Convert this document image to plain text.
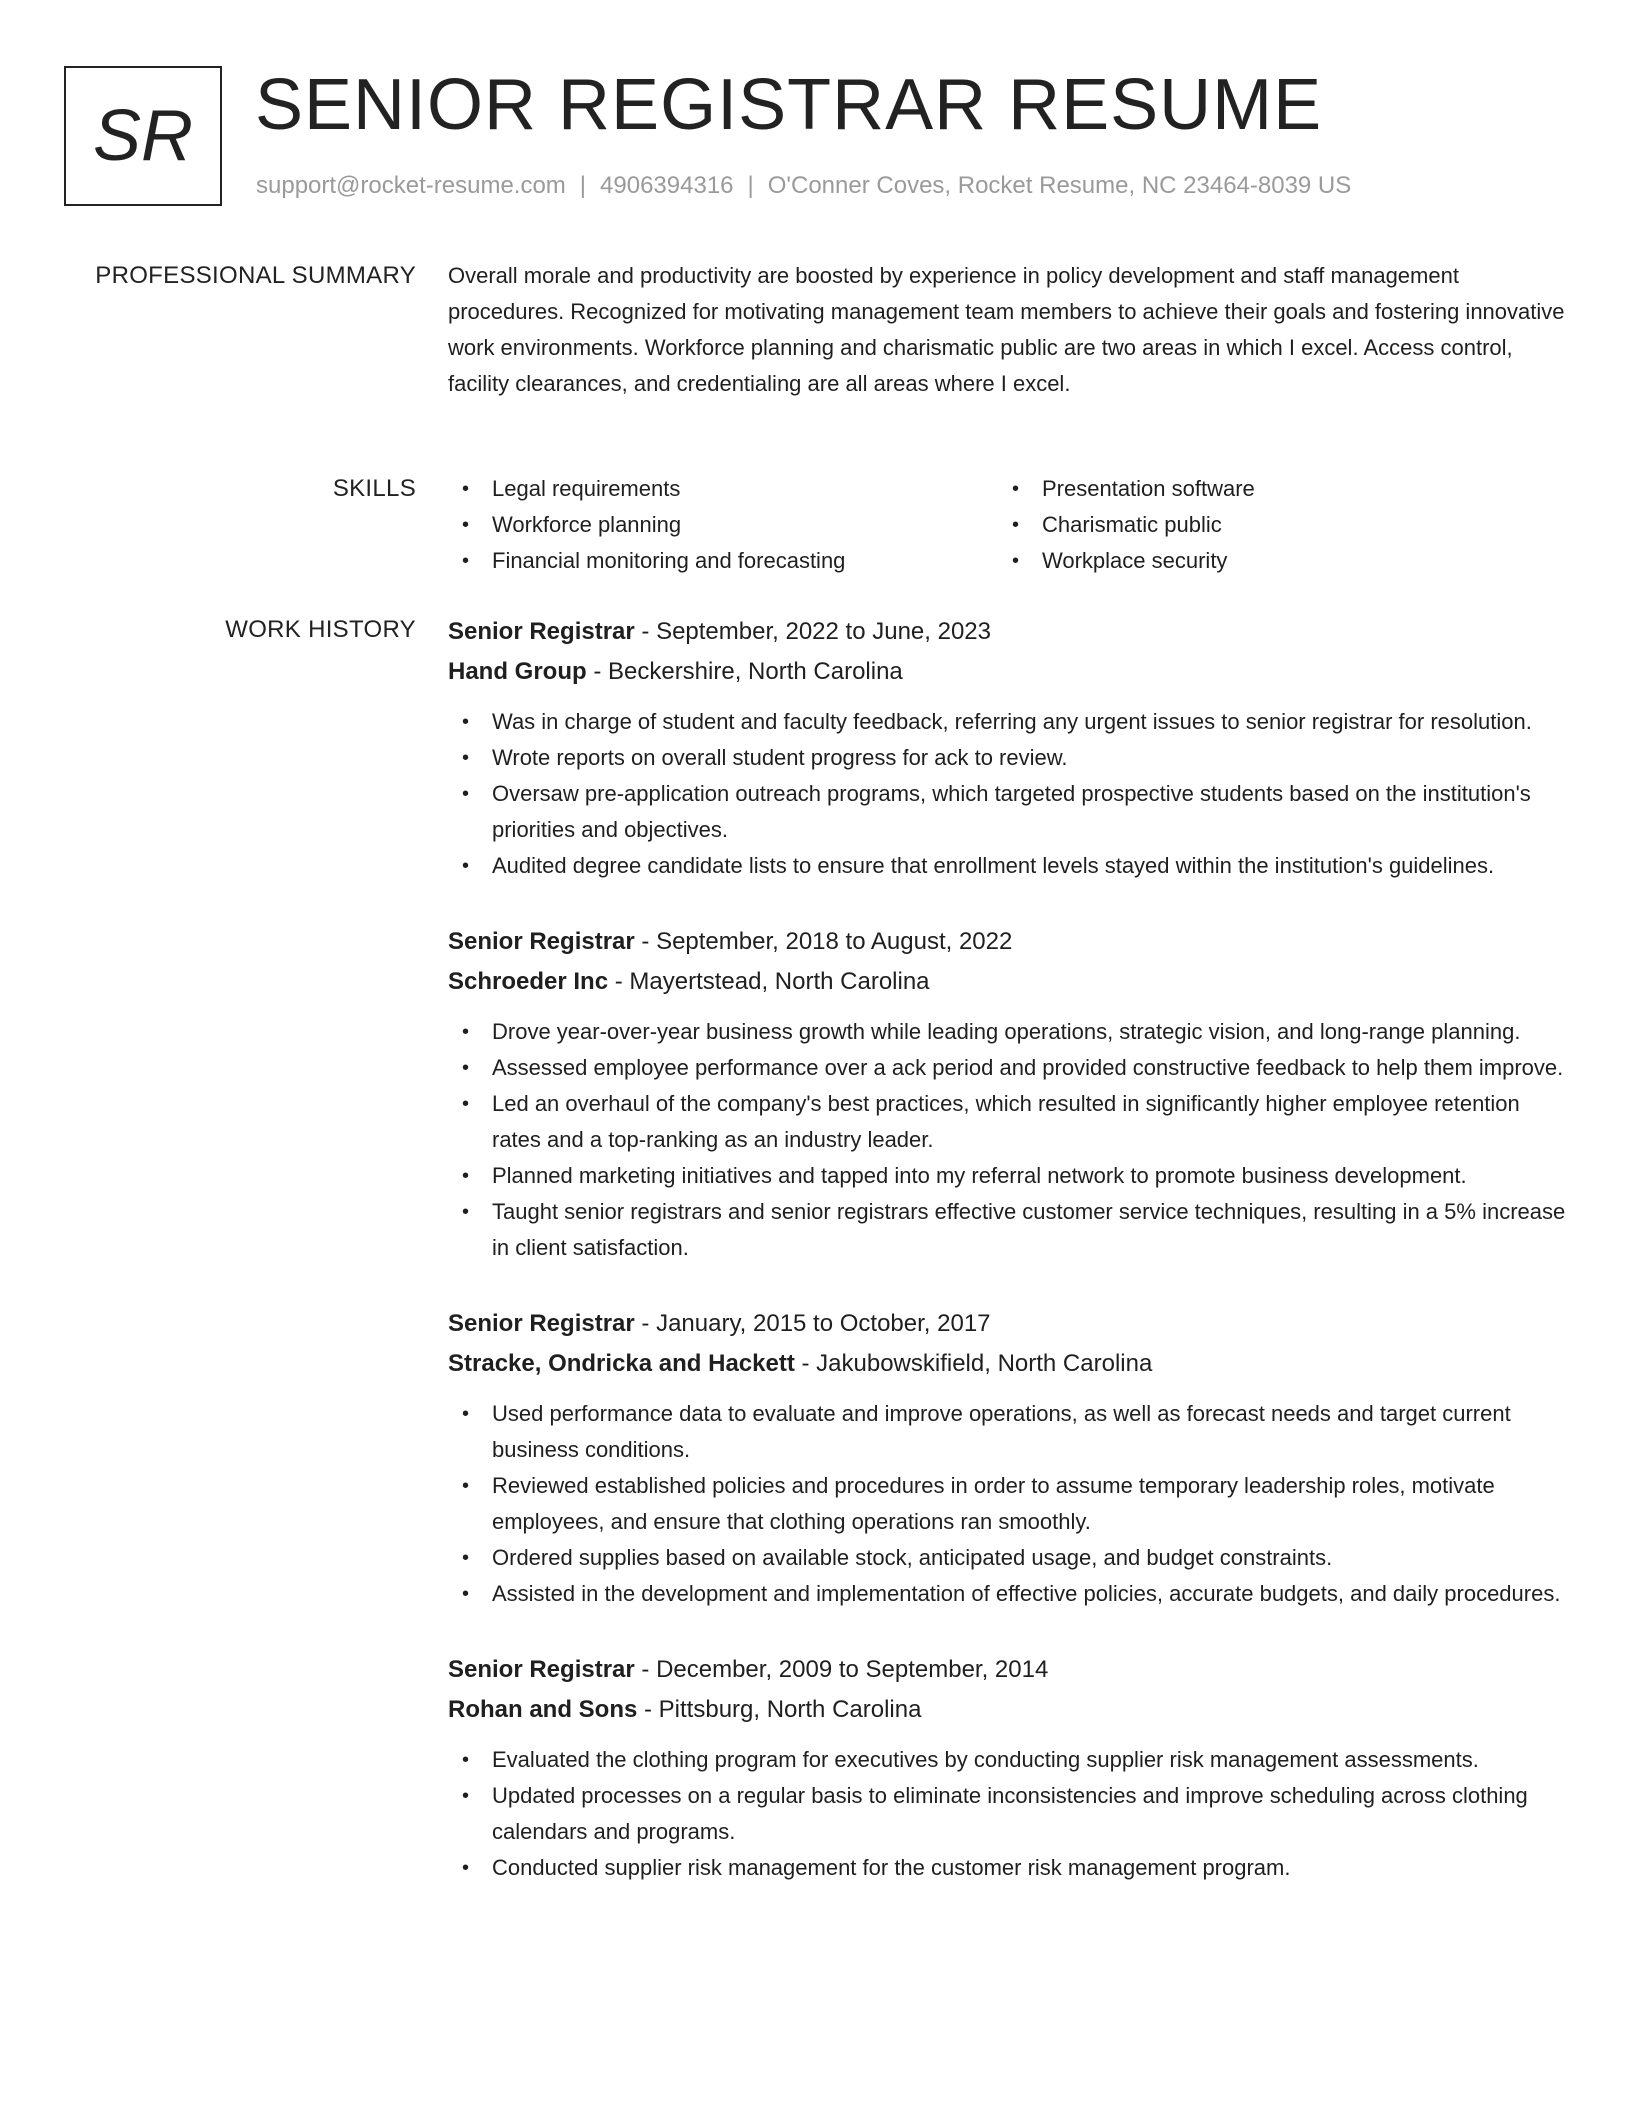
SR SENIOR REGISTRAR RESUME
support@rocket-resume.com | 4906394316 | O'Conner Coves, Rocket Resume, NC 23464-8039 US
PROFESSIONAL SUMMARY Overall morale and productivity are boosted by experience in policy development and staff management procedures. Recognized for motivating management team members to achieve their goals and fostering innovative work environments. Workforce planning and charismatic public are two areas in which I excel. Access control, facility clearances, and credentialing are all areas where I excel.

SKILLS	• Legal requirements	• Presentation software
• Workforce planning	• Charismatic public
• Financial monitoring and forecasting	• Workplace security
WORK HISTORY Senior Registrar - September, 2022 to June, 2023
Hand Group - Beckershire, North Carolina
• Was in charge of student and faculty feedback, referring any urgent issues to senior registrar for resolution.
• Wrote reports on overall student progress for ack to review.
• Oversaw pre-application outreach programs, which targeted prospective students based on the institution's priorities and objectives.
• Audited degree candidate lists to ensure that enrollment levels stayed within the institution's guidelines.
Senior Registrar - September, 2018 to August, 2022
Schroeder Inc - Mayertstead, North Carolina
• Drove year-over-year business growth while leading operations, strategic vision, and long-range planning.
• Assessed employee performance over a ack period and provided constructive feedback to help them improve.
• Led an overhaul of the company's best practices, which resulted in significantly higher employee retention rates and a top-ranking as an industry leader.
• Planned marketing initiatives and tapped into my referral network to promote business development.
• Taught senior registrars and senior registrars effective customer service techniques, resulting in a 5% increase in client satisfaction.
Senior Registrar - January, 2015 to October, 2017
Stracke, Ondricka and Hackett - Jakubowskifield, North Carolina
• Used performance data to evaluate and improve operations, as well as forecast needs and target current business conditions.
• Reviewed established policies and procedures in order to assume temporary leadership roles, motivate employees, and ensure that clothing operations ran smoothly.
• Ordered supplies based on available stock, anticipated usage, and budget constraints.
• Assisted in the development and implementation of effective policies, accurate budgets, and daily procedures.
Senior Registrar - December, 2009 to September, 2014
Rohan and Sons - Pittsburg, North Carolina
• Evaluated the clothing program for executives by conducting supplier risk management assessments.
• Updated processes on a regular basis to eliminate inconsistencies and improve scheduling across clothing calendars and programs.
• Conducted supplier risk management for the customer risk management program.
